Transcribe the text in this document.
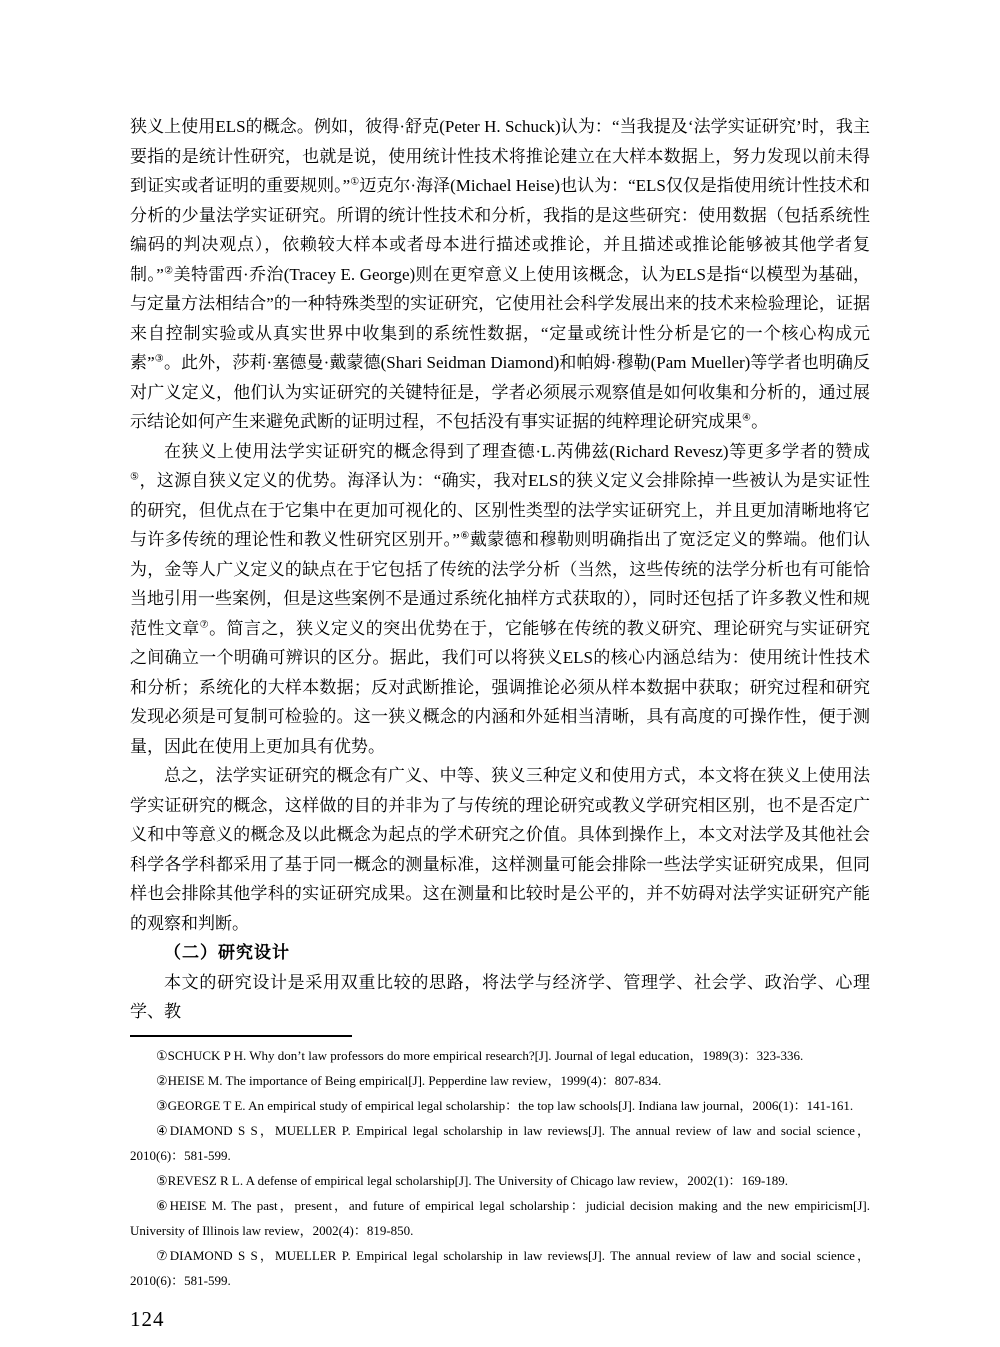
狭义上使用ELS的概念。例如，彼得·舒克(Peter H. Schuck)认为：“当我提及‘法学实证研究’时，我主要指的是统计性研究，也就是说，使用统计性技术将推论建立在大样本数据上，努力发现以前未得到证实或者证明的重要规则。”①迈克尔·海泽(Michael Heise)也认为：“ELS仅仅是指使用统计性技术和分析的少量法学实证研究。所谓的统计性技术和分析，我指的是这些研究：使用数据（包括系统性编码的判决观点），依赖较大样本或者母本进行描述或推论，并且描述或推论能够被其他学者复制。”②美特雷西·乔治(Tracey E. George)则在更窄意义上使用该概念，认为ELS是指“以模型为基础，与定量方法相结合”的一种特殊类型的实证研究，它使用社会科学发展出来的技术来检验理论，证据来自控制实验或从真实世界中收集到的系统性数据，“定量或统计性分析是它的一个核心构成元素”③。此外，莎莉·塞德曼·戴蒙德(Shari Seidman Diamond)和帕姆·穆勒(Pam Mueller)等学者也明确反对广义定义，他们认为实证研究的关键特征是，学者必须展示观察值是如何收集和分析的，通过展示结论如何产生来避免武断的证明过程，不包括没有事实证据的纯粹理论研究成果④。

在狭义上使用法学实证研究的概念得到了理查德·L.芮佛兹(Richard Revesz)等更多学者的赞成⑤，这源自狭义定义的优势。海泽认为：“确实，我对ELS的狭义定义会排除掉一些被认为是实证性的研究，但优点在于它集中在更加可视化的、区别性类型的法学实证研究上，并且更加清晰地将它与许多传统的理论性和教义性研究区别开。”⑥戴蒙德和穆勒则明确指出了宽泛定义的弊端。他们认为，金等人广义定义的缺点在于它包括了传统的法学分析（当然，这些传统的法学分析也有可能恰当地引用一些案例，但是这些案例不是通过系统化抽样方式获取的），同时还包括了许多教义性和规范性文章⑦。简言之，狭义定义的突出优势在于，它能够在传统的教义研究、理论研究与实证研究之间确立一个明确可辨识的区分。据此，我们可以将狭义ELS的核心内涵总结为：使用统计性技术和分析；系统化的大样本数据；反对武断推论，强调推论必须从样本数据中获取；研究过程和研究发现必须是可复制可检验的。这一狭义概念的内涵和外延相当清晰，具有高度的可操作性，便于测量，因此在使用上更加具有优势。

总之，法学实证研究的概念有广义、中等、狭义三种定义和使用方式，本文将在狭义上使用法学实证研究的概念，这样做的目的并非为了与传统的理论研究或教义学研究相区别，也不是否定广义和中等意义的概念及以此概念为起点的学术研究之价值。具体到操作上，本文对法学及其他社会科学各学科都采用了基于同一概念的测量标准，这样测量可能会排除一些法学实证研究成果，但同样也会排除其他学科的实证研究成果。这在测量和比较时是公平的，并不妨碍对法学实证研究产能的观察和判断。

（二）研究设计

本文的研究设计是采用双重比较的思路，将法学与经济学、管理学、社会学、政治学、心理学、教

①SCHUCK P H. Why don’t law professors do more empirical research?[J]. Journal of legal education，1989(3)：323-336.

②HEISE M. The importance of Being empirical[J]. Pepperdine law review，1999(4)：807-834.

③GEORGE T E. An empirical study of empirical legal scholarship：the top law schools[J]. Indiana law journal，2006(1)：141-161.

④DIAMOND S S，MUELLER P. Empirical legal scholarship in law reviews[J]. The annual review of law and social science，2010(6)：581-599.

⑤REVESZ R L. A defense of empirical legal scholarship[J]. The University of Chicago law review，2002(1)：169-189.

⑥HEISE M. The past，present，and future of empirical legal scholarship：judicial decision making and the new empiricism[J]. University of Illinois law review，2002(4)：819-850.

⑦DIAMOND S S，MUELLER P. Empirical legal scholarship in law reviews[J]. The annual review of law and social science，2010(6)：581-599.

124
